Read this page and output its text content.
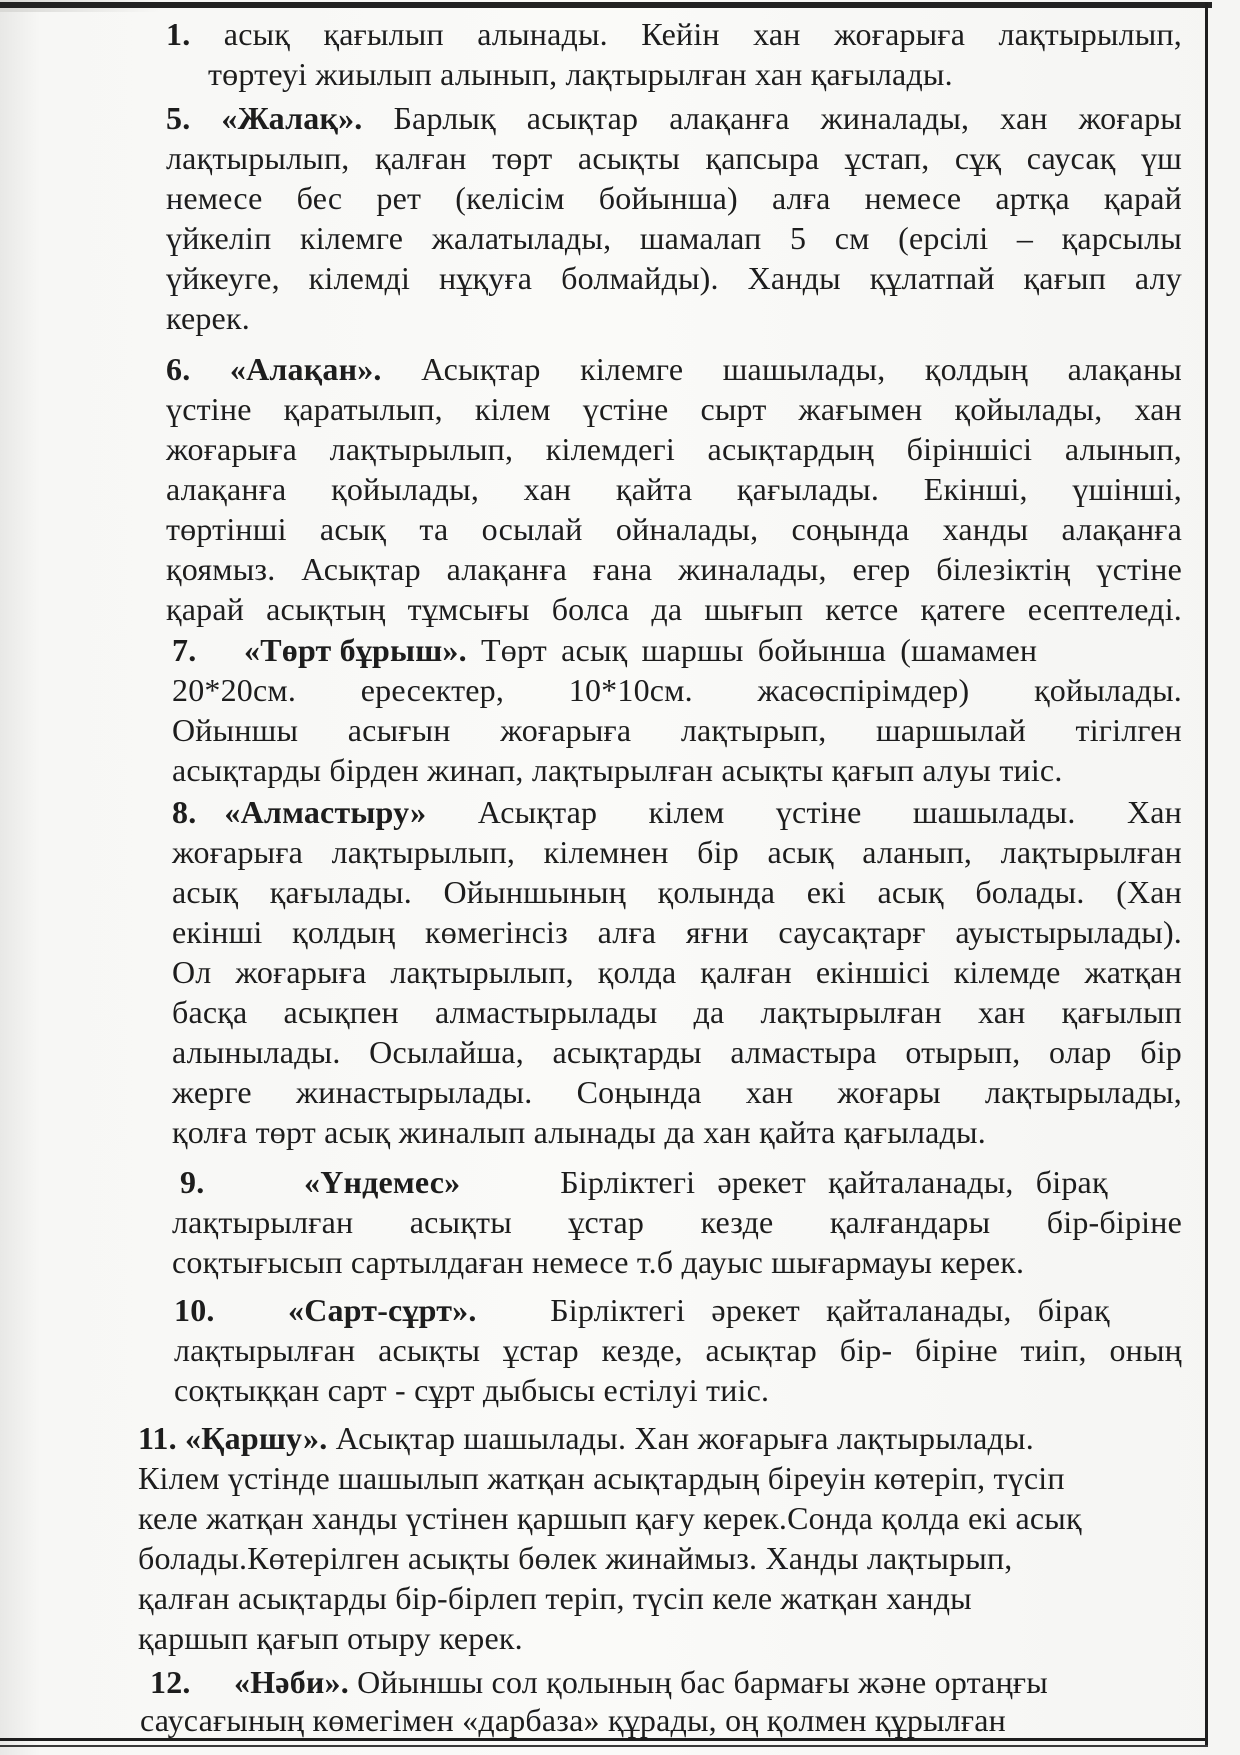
1. асық қағылып алынады. Кейін хан жоғарыға лақтырылып,
төртеуі жиылып алынып, лақтырылған хан қағылады.
5. «Жалақ». Барлық асықтар алақанға жиналады, хан жоғары
лақтырылып, қалған төрт асықты қапсыра ұстап, сұқ саусақ үш
немесе бес рет (келісім бойынша) алға немесе артқа қарай
үйкеліп кілемге жалатылады, шамалап 5 см (ерсілі – қарсылы
үйкеуге, кілемді нұқуға болмайды). Ханды құлатпай қағып алу
керек.
6. «Алақан». Асықтар кілемге шашылады, қолдың алақаны
үстіне қаратылып, кілем үстіне сырт жағымен қойылады, хан
жоғарыға лақтырылып, кілемдегі асықтардың біріншісі алынып,
алақанға қойылады, хан қайта қағылады. Екінші, үшінші,
төртінші асық та осылай ойналады, соңында ханды алақанға
қоямыз. Асықтар алақанға ғана жиналады, егер білезіктің үстіне
қарай асықтың тұмсығы болса да шығып кетсе қатеге есептеледі.
7. «Төрт бұрыш». Төрт асық шаршы бойынша (шамамен
20*20см. ересектер, 10*10см. жасөспірімдер) қойылады.
Ойыншы асығын жоғарыға лақтырып, шаршылай тігілген
асықтарды бірден жинап, лақтырылған асықты қағып алуы тиіс.
8. «Алмастыру» Асықтар кілем үстіне шашылады. Хан
жоғарыға лақтырылып, кілемнен бір асық аланып, лақтырылған
асық қағылады. Ойыншының қолында екі асық болады. (Хан
екінші қолдың көмегінсіз алға яғни саусақтарғ ауыстырылады).
Ол жоғарыға лақтырылып, қолда қалған екіншісі кілемде жатқан
басқа асықпен алмастырылады да лақтырылған хан қағылып
алынылады. Осылайша, асықтарды алмастыра отырып, олар бір
жерге жинастырылады. Соңында хан жоғары лақтырылады,
қолға төрт асық жиналып алынады да хан қайта қағылады.
9.	«Үндемес» Бірліктегі әрекет қайталанады, бірақ
лақтырылған асықты ұстар кезде қалғандары бір-біріне
соқтығысып сартылдаған немесе т.б дауыс шығармауы керек.
10. «Сарт-сұрт». Бірліктегі әрекет қайталанады, бірақ
лақтырылған асықты ұстар кезде, асықтар бір- біріне тиіп, оның
соқтыққан сарт - сұрт дыбысы естілуі тиіс.
11. «Қаршу». Асықтар шашылады. Хан жоғарыға лақтырылады.
Кілем үстінде шашылып жатқан асықтардың біреуін көтеріп, түсіп
келе жатқан ханды үстінен қаршып қағу керек.Сонда қолда екі асық
болады.Көтерілген асықты бөлек жинаймыз. Ханды лақтырып,
қалған асықтарды бір-бірлеп теріп, түсіп келе жатқан ханды
қаршып қағып отыру керек.
12. «Нәби». Ойыншы сол қолының бас бармағы және ортаңғы
саусағының көмегімен «дарбаза» құрады, оң қолмен құрылған
